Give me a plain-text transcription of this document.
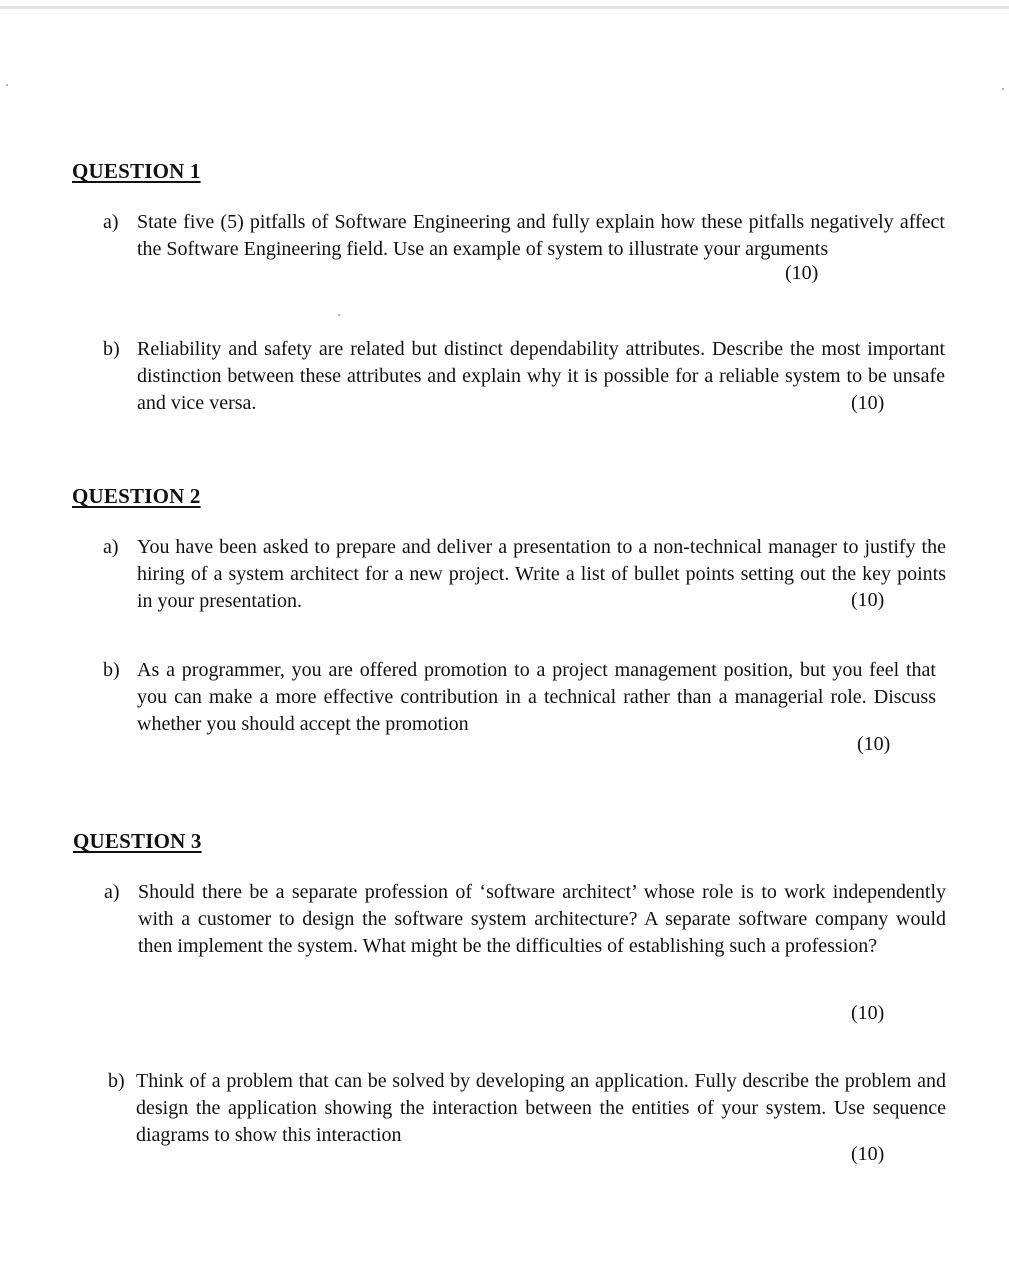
QUESTION 1
a) State five (5) pitfalls of Software Engineering and fully explain how these pitfalls negatively affect the Software Engineering field. Use an example of system to illustrate your arguments
(10)
b) Reliability and safety are related but distinct dependability attributes. Describe the most important distinction between these attributes and explain why it is possible for a reliable system to be unsafe and vice versa.	(10)
QUESTION 2
a) You have been asked to prepare and deliver a presentation to a non-technical manager to justify the hiring of a system architect for a new project. Write a list of bullet points setting out the key points in your presentation.	(10)
b) As a programmer, you are offered promotion to a project management position, but you feel that you can make a more effective contribution in a technical rather than a managerial role. Discuss whether you should accept the promotion
(10)
QUESTION 3
a) Should there be a separate profession of ‘software architect’ whose role is to work independently with a customer to design the software system architecture? A separate software company would then implement the system. What might be the difficulties of establishing such a profession?
(10)
b) Think of a problem that can be solved by developing an application. Fully describe the problem and design the application showing the interaction between the entities of your system. Use sequence diagrams to show this interaction
(10)
